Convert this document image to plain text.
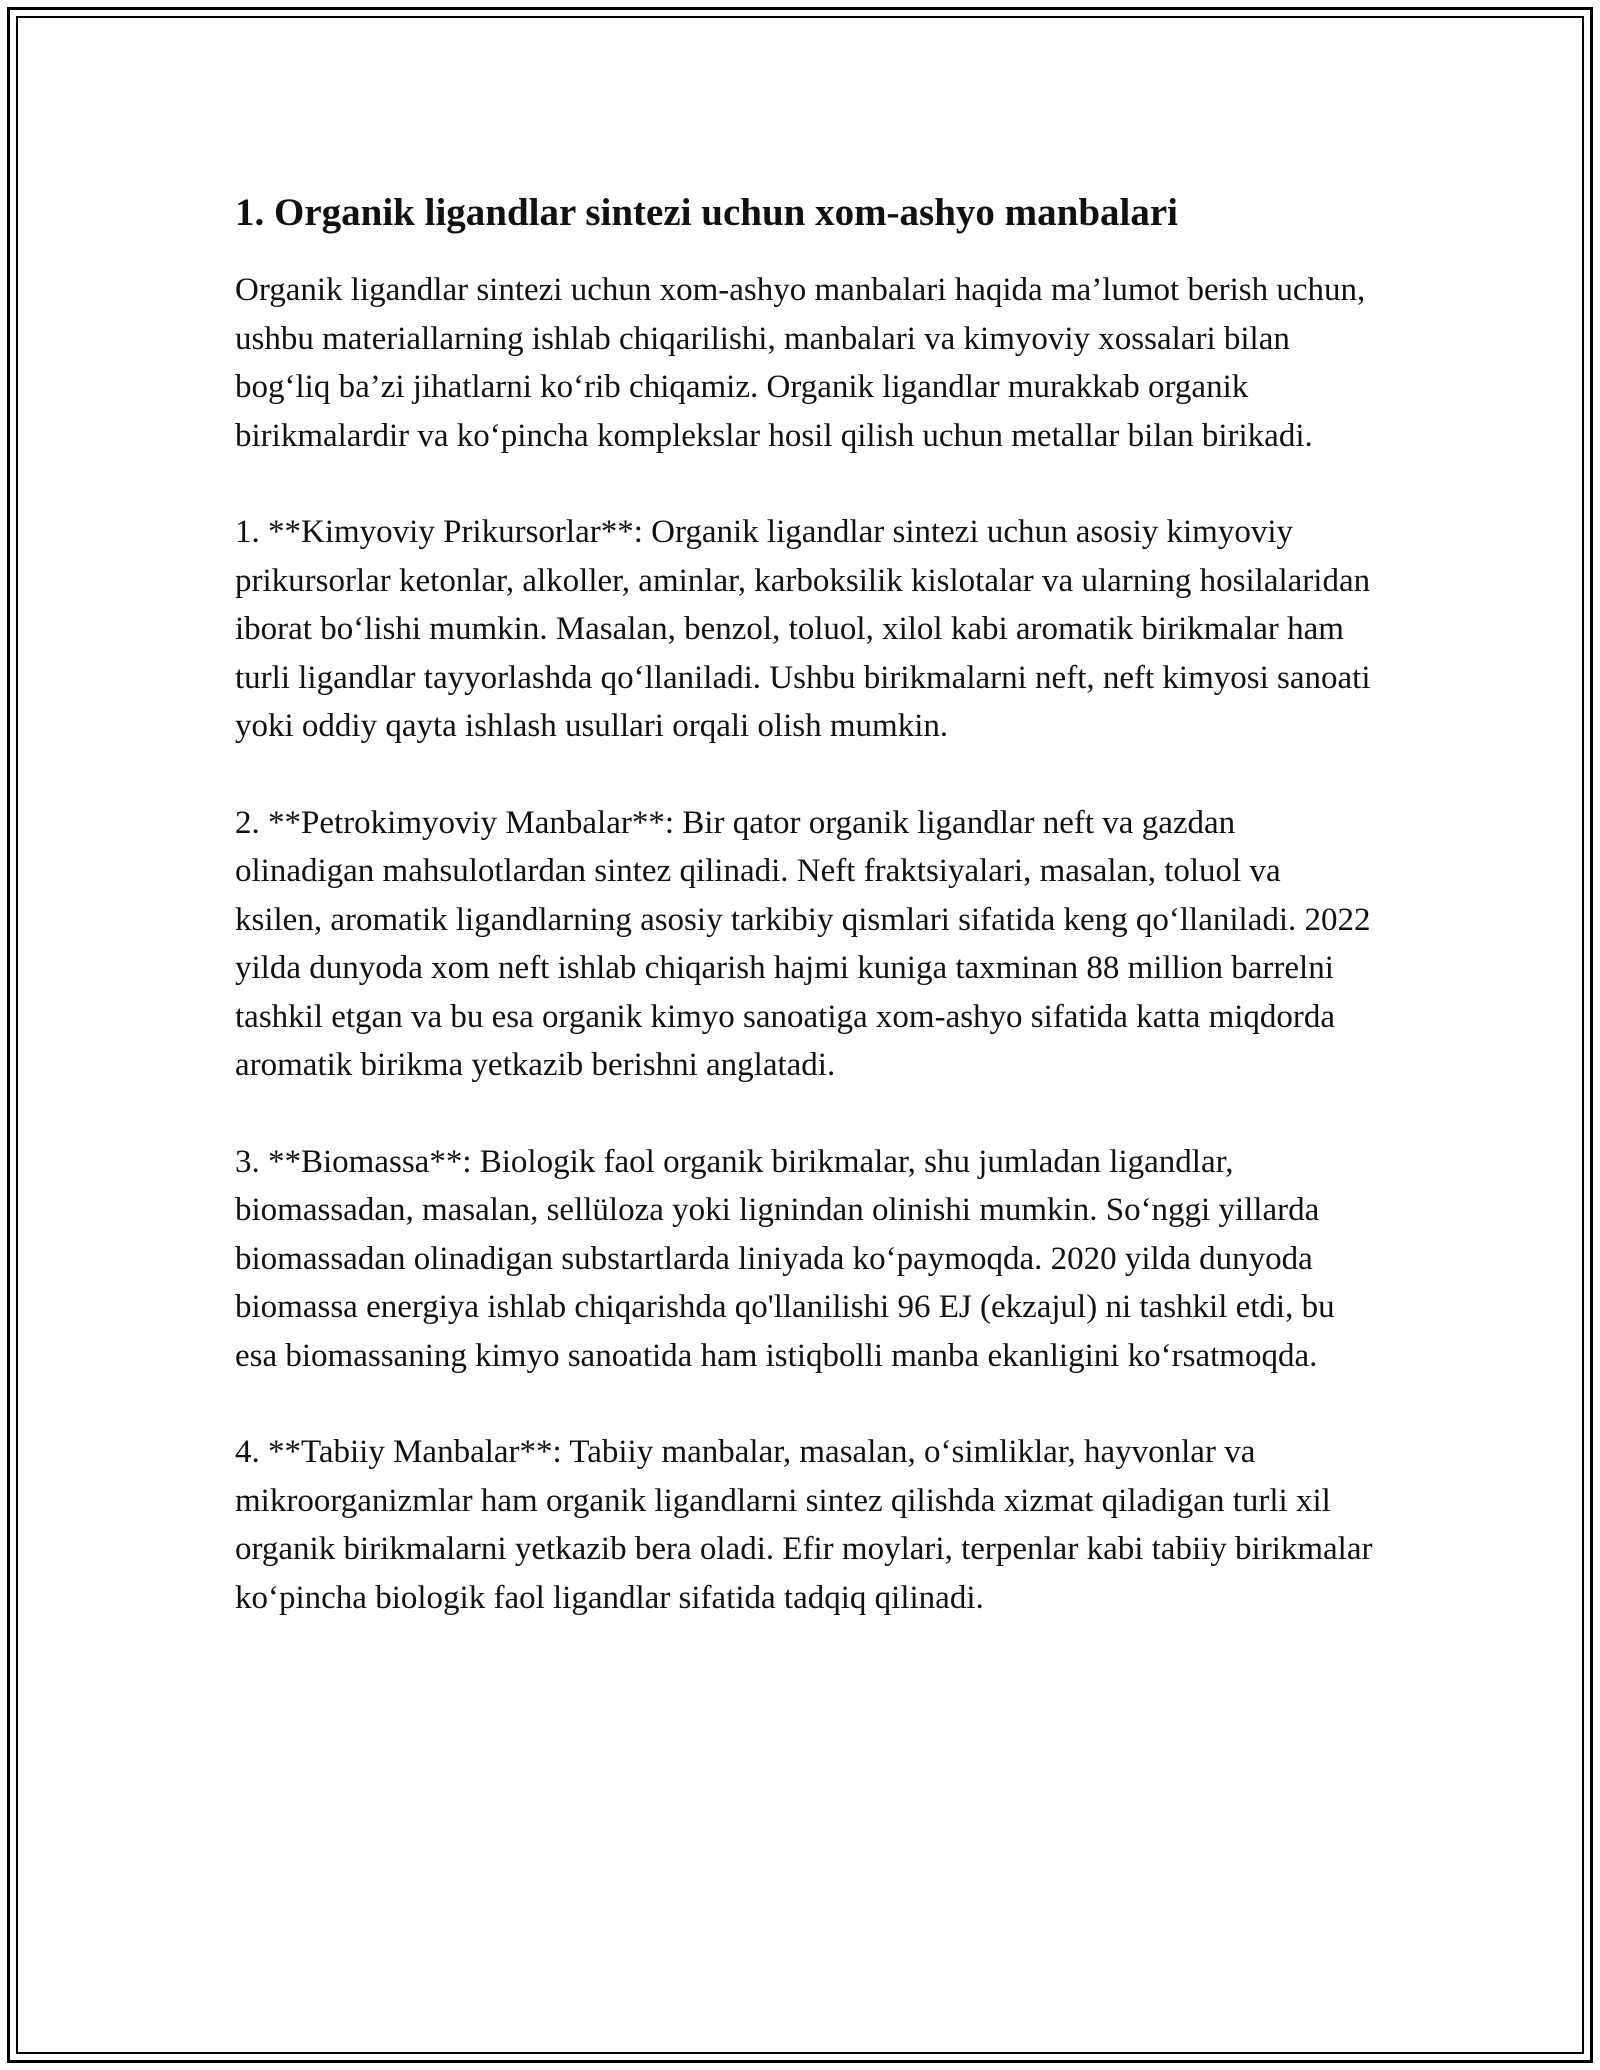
1. Organik ligandlar sintezi uchun xom-ashyo manbalari

Organik ligandlar sintezi uchun xom-ashyo manbalari haqida ma’lumot berish uchun, ushbu materiallarning ishlab chiqarilishi, manbalari va kimyoviy xossalari bilan bog‘liq ba’zi jihatlarni ko‘rib chiqamiz. Organik ligandlar murakkab organik birikmalardir va ko‘pincha komplekslar hosil qilish uchun metallar bilan birikadi.

1. **Kimyoviy Prikursorlar**: Organik ligandlar sintezi uchun asosiy kimyoviy prikursorlar ketonlar, alkoller, aminlar, karboksilik kislotalar va ularning hosilalaridan iborat bo‘lishi mumkin. Masalan, benzol, toluol, xilol kabi aromatik birikmalar ham turli ligandlar tayyorlashda qo‘llaniladi. Ushbu birikmalarni neft, neft kimyosi sanoati yoki oddiy qayta ishlash usullari orqali olish mumkin.

2. **Petrokimyoviy Manbalar**: Bir qator organik ligandlar neft va gazdan olinadigan mahsulotlardan sintez qilinadi. Neft fraktsiyalari, masalan, toluol va ksilen, aromatik ligandlarning asosiy tarkibiy qismlari sifatida keng qo‘llaniladi. 2022 yilda dunyoda xom neft ishlab chiqarish hajmi kuniga taxminan 88 million barrelni tashkil etgan va bu esa organik kimyo sanoatiga xom-ashyo sifatida katta miqdorda aromatik birikma yetkazib berishni anglatadi.

3. **Biomassa**: Biologik faol organik birikmalar, shu jumladan ligandlar, biomassadan, masalan, sellüloza yoki lignindan olinishi mumkin. So‘nggi yillarda biomassadan olinadigan substartlarda liniyada ko‘paymoqda. 2020 yilda dunyoda biomassa energiya ishlab chiqarishda qo'llanilishi 96 EJ (ekzajul) ni tashkil etdi, bu esa biomassaning kimyo sanoatida ham istiqbolli manba ekanligini ko‘rsatmoqda.

4. **Tabiiy Manbalar**: Tabiiy manbalar, masalan, o‘simliklar, hayvonlar va mikroorganizmlar ham organik ligandlarni sintez qilishda xizmat qiladigan turli xil organik birikmalarni yetkazib bera oladi. Efir moylari, terpenlar kabi tabiiy birikmalar ko‘pincha biologik faol ligandlar sifatida tadqiq qilinadi.
